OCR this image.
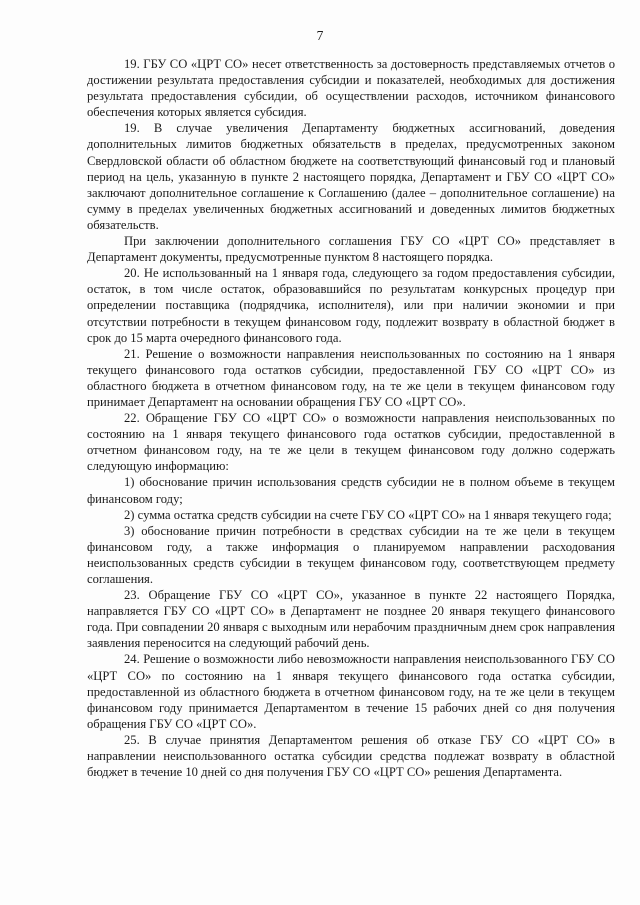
7

19. ГБУ СО «ЦРТ СО» несет ответственность за достоверность представляемых отчетов о достижении результата предоставления субсидии и показателей, необходимых для достижения результата предоставления субсидии, об осуществлении расходов, источником финансового обеспечения которых является субсидия.

19. В случае увеличения Департаменту бюджетных ассигнований, доведения дополнительных лимитов бюджетных обязательств в пределах, предусмотренных законом Свердловской области об областном бюджете на соответствующий финансовый год и плановый период на цель, указанную в пункте 2 настоящего порядка, Департамент и ГБУ СО «ЦРТ СО» заключают дополнительное соглашение к Соглашению (далее – дополнительное соглашение) на сумму в пределах увеличенных бюджетных ассигнований и доведенных лимитов бюджетных обязательств.

При заключении дополнительного соглашения ГБУ СО «ЦРТ СО» представляет в Департамент документы, предусмотренные пунктом 8 настоящего порядка.

20. Не использованный на 1 января года, следующего за годом предоставления субсидии, остаток, в том числе остаток, образовавшийся по результатам конкурсных процедур при определении поставщика (подрядчика, исполнителя), или при наличии экономии и при отсутствии потребности в текущем финансовом году, подлежит возврату в областной бюджет в срок до 15 марта очередного финансового года.

21. Решение о возможности направления неиспользованных по состоянию на 1 января текущего финансового года остатков субсидии, предоставленной ГБУ СО «ЦРТ СО» из областного бюджета в отчетном финансовом году, на те же цели в текущем финансовом году принимает Департамент на основании обращения ГБУ СО «ЦРТ СО».

22. Обращение ГБУ СО «ЦРТ СО» о возможности направления неиспользованных по состоянию на 1 января текущего финансового года остатков субсидии, предоставленной в отчетном финансовом году, на те же цели в текущем финансовом году должно содержать следующую информацию:

1) обоснование причин использования средств субсидии не в полном объеме в текущем финансовом году;

2) сумма остатка средств субсидии на счете ГБУ СО «ЦРТ СО» на 1 января текущего года;

3) обоснование причин потребности в средствах субсидии на те же цели в текущем финансовом году, а также информация о планируемом направлении расходования неиспользованных средств субсидии в текущем финансовом году, соответствующем предмету соглашения.

23. Обращение ГБУ СО «ЦРТ СО», указанное в пункте 22 настоящего Порядка, направляется ГБУ СО «ЦРТ СО» в Департамент не позднее 20 января текущего финансового года. При совпадении 20 января с выходным или нерабочим праздничным днем срок направления заявления переносится на следующий рабочий день.

24. Решение о возможности либо невозможности направления неиспользованного ГБУ СО «ЦРТ СО» по состоянию на 1 января текущего финансового года остатка субсидии, предоставленной из областного бюджета в отчетном финансовом году, на те же цели в текущем финансовом году принимается Департаментом в течение 15 рабочих дней со дня получения обращения ГБУ СО «ЦРТ СО».

25. В случае принятия Департаментом решения об отказе ГБУ СО «ЦРТ СО» в направлении неиспользованного остатка субсидии средства подлежат возврату в областной бюджет в течение 10 дней со дня получения ГБУ СО «ЦРТ СО» решения Департамента.
